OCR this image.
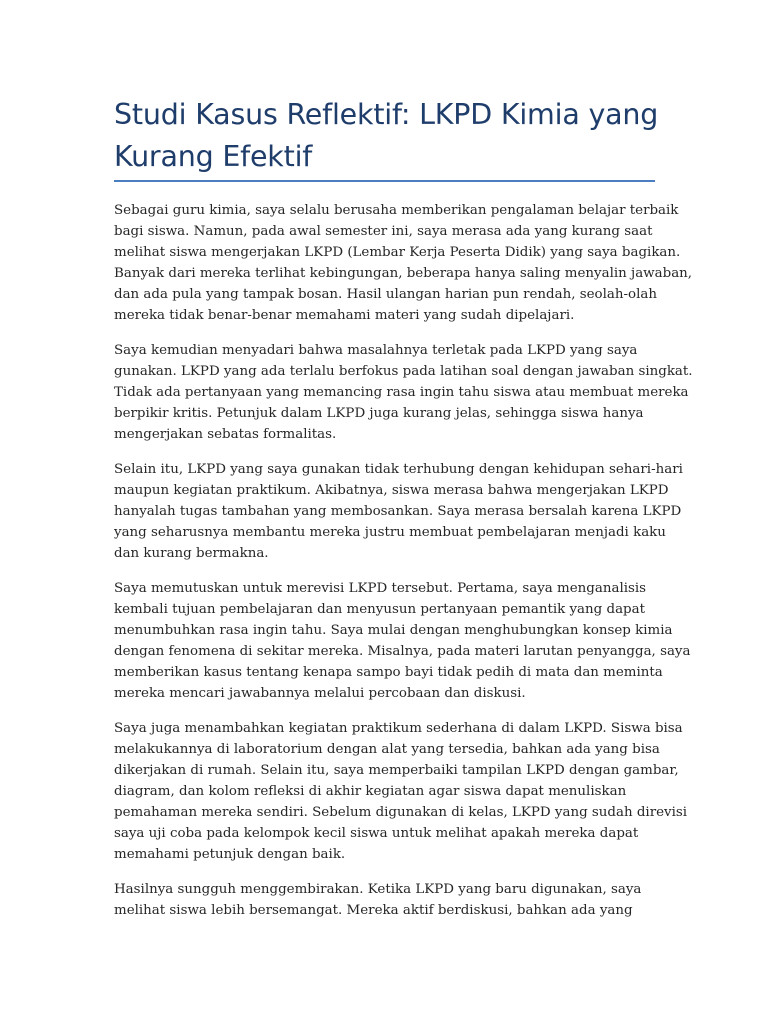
Studi Kasus Reflektif: LKPD Kimia yang Kurang Efektif

Sebagai guru kimia, saya selalu berusaha memberikan pengalaman belajar terbaik
bagi siswa. Namun, pada awal semester ini, saya merasa ada yang kurang saat
melihat siswa mengerjakan LKPD (Lembar Kerja Peserta Didik) yang saya bagikan.
Banyak dari mereka terlihat kebingungan, beberapa hanya saling menyalin jawaban,
dan ada pula yang tampak bosan. Hasil ulangan harian pun rendah, seolah-olah
mereka tidak benar-benar memahami materi yang sudah dipelajari.

Saya kemudian menyadari bahwa masalahnya terletak pada LKPD yang saya
gunakan. LKPD yang ada terlalu berfokus pada latihan soal dengan jawaban singkat.
Tidak ada pertanyaan yang memancing rasa ingin tahu siswa atau membuat mereka
berpikir kritis. Petunjuk dalam LKPD juga kurang jelas, sehingga siswa hanya
mengerjakan sebatas formalitas.

Selain itu, LKPD yang saya gunakan tidak terhubung dengan kehidupan sehari-hari
maupun kegiatan praktikum. Akibatnya, siswa merasa bahwa mengerjakan LKPD
hanyalah tugas tambahan yang membosankan. Saya merasa bersalah karena LKPD
yang seharusnya membantu mereka justru membuat pembelajaran menjadi kaku
dan kurang bermakna.

Saya memutuskan untuk merevisi LKPD tersebut. Pertama, saya menganalisis
kembali tujuan pembelajaran dan menyusun pertanyaan pemantik yang dapat
menumbuhkan rasa ingin tahu. Saya mulai dengan menghubungkan konsep kimia
dengan fenomena di sekitar mereka. Misalnya, pada materi larutan penyangga, saya
memberikan kasus tentang kenapa sampo bayi tidak pedih di mata dan meminta
mereka mencari jawabannya melalui percobaan dan diskusi.

Saya juga menambahkan kegiatan praktikum sederhana di dalam LKPD. Siswa bisa
melakukannya di laboratorium dengan alat yang tersedia, bahkan ada yang bisa
dikerjakan di rumah. Selain itu, saya memperbaiki tampilan LKPD dengan gambar,
diagram, dan kolom refleksi di akhir kegiatan agar siswa dapat menuliskan
pemahaman mereka sendiri. Sebelum digunakan di kelas, LKPD yang sudah direvisi
saya uji coba pada kelompok kecil siswa untuk melihat apakah mereka dapat
memahami petunjuk dengan baik.

Hasilnya sungguh menggembirakan. Ketika LKPD yang baru digunakan, saya
melihat siswa lebih bersemangat. Mereka aktif berdiskusi, bahkan ada yang
